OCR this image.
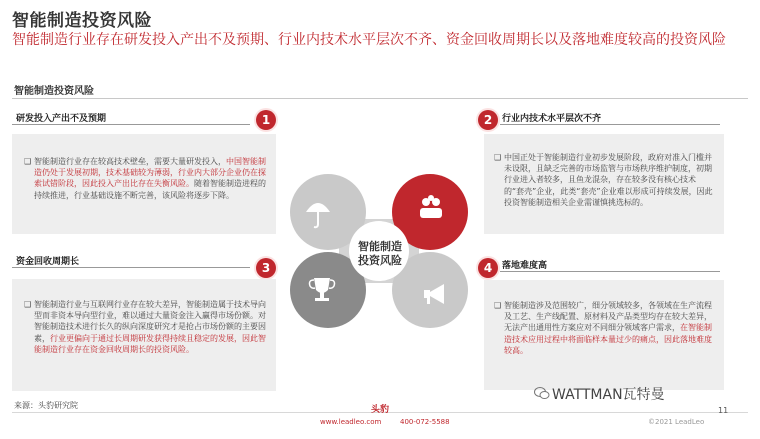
智能制造投资风险
智能制造行业存在研发投入产出不及预期、行业内技术水平层次不齐、资金回收周期长以及落地难度较高的投资风险
智能制造投资风险
研发投入产出不及预期	1
❑ 智能制造行业存在较高技术壁垒，需要大量研发投入，中国智能制造仍处于发展初期，技术基础较为薄弱，行业内大部分企业仍在探索试错阶段，因此投入产出比存在失衡风险。随着智能制造进程的持续推进，行业基础设施不断完善，该风险将逐步下降。
2	行业内技术水平层次不齐
❑ 中国正处于智能制造行业初步发展阶段，政府对准入门槛并未设限，且缺乏完善的市场监管与市场秩序维护制度，初期行业进入者较多，且鱼龙混杂，存在较多没有核心技术的“套壳”企业，此类“套壳”企业难以形成可持续发展，因此投资智能制造相关企业需谨慎挑选标的。
资金回收周期长	3
❑ 智能制造行业与互联网行业存在较大差异，智能制造属于技术导向型而非资本导向型行业，难以通过大量资金注入赢得市场份额。对智能制造技术进行长久的纵向深度研究才是抢占市场份额的主要因素，行业更偏向于通过长周期研发获得持续且稳定的发展，因此智能制造行业存在资金回收周期长的投资风险。
4	落地难度高
❑ 智能制造涉及范围较广，细分领域较多，各领域在生产流程及工艺、生产线配置、原材料及产品类型均存在较大差异，无法产出通用性方案应对不同细分领域客户需求，在智能制造技术应用过程中将面临样本量过少的痛点，因此落地难度较高。
智能制造
投资风险
来源：头豹研究院	头豹
www.leadleo.com	400-072-5588	©2021 LeadLeo
11
WATTMAN瓦特曼
